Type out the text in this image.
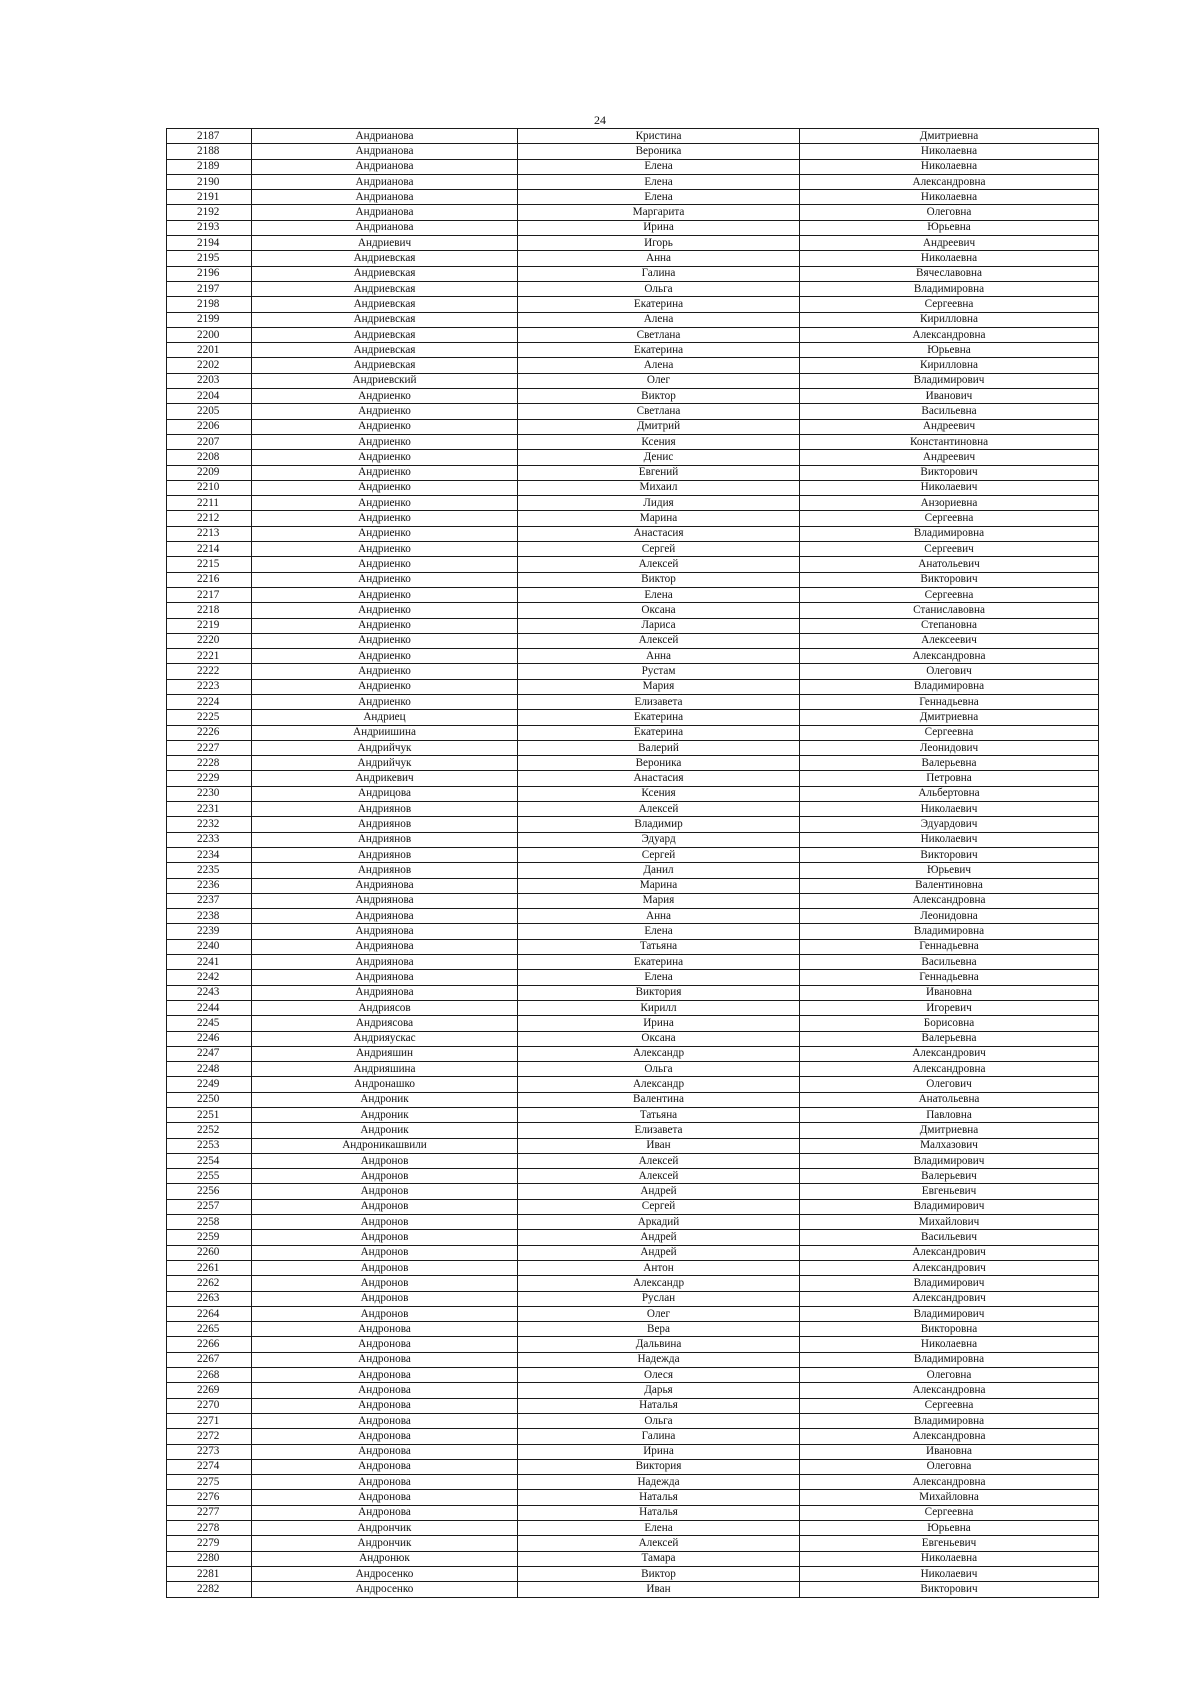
24
2187	Андрианова	Кристина	Дмитриевна
2188	Андрианова	Вероника	Николаевна
2189	Андрианова	Елена	Николаевна
2190	Андрианова	Елена	Александровна
2191	Андрианова	Елена	Николаевна
2192	Андрианова	Маргарита	Олеговна
2193	Андрианова	Ирина	Юрьевна
2194	Андриевич	Игорь	Андреевич
2195	Андриевская	Анна	Николаевна
2196	Андриевская	Галина	Вячеславовна
2197	Андриевская	Ольга	Владимировна
2198	Андриевская	Екатерина	Сергеевна
2199	Андриевская	Алена	Кирилловна
2200	Андриевская	Светлана	Александровна
2201	Андриевская	Екатерина	Юрьевна
2202	Андриевская	Алена	Кирилловна
2203	Андриевский	Олег	Владимирович
2204	Андриенко	Виктор	Иванович
2205	Андриенко	Светлана	Васильевна
2206	Андриенко	Дмитрий	Андреевич
2207	Андриенко	Ксения	Константиновна
2208	Андриенко	Денис	Андреевич
2209	Андриенко	Евгений	Викторович
2210	Андриенко	Михаил	Николаевич
2211	Андриенко	Лидия	Анзориевна
2212	Андриенко	Марина	Сергеевна
2213	Андриенко	Анастасия	Владимировна
2214	Андриенко	Сергей	Сергеевич
2215	Андриенко	Алексей	Анатольевич
2216	Андриенко	Виктор	Викторович
2217	Андриенко	Елена	Сергеевна
2218	Андриенко	Оксана	Станиславовна
2219	Андриенко	Лариса	Степановна
2220	Андриенко	Алексей	Алексеевич
2221	Андриенко	Анна	Александровна
2222	Андриенко	Рустам	Олегович
2223	Андриенко	Мария	Владимировна
2224	Андриенко	Елизавета	Геннадьевна
2225	Андриец	Екатерина	Дмитриевна
2226	Андриишина	Екатерина	Сергеевна
2227	Андрийчук	Валерий	Леонидович
2228	Андрийчук	Вероника	Валерьевна
2229	Андрикевич	Анастасия	Петровна
2230	Андрицова	Ксения	Альбертовна
2231	Андриянов	Алексей	Николаевич
2232	Андриянов	Владимир	Эдуардович
2233	Андриянов	Эдуард	Николаевич
2234	Андриянов	Сергей	Викторович
2235	Андриянов	Данил	Юрьевич
2236	Андриянова	Марина	Валентиновна
2237	Андриянова	Мария	Александровна
2238	Андриянова	Анна	Леонидовна
2239	Андриянова	Елена	Владимировна
2240	Андриянова	Татьяна	Геннадьевна
2241	Андриянова	Екатерина	Васильевна
2242	Андриянова	Елена	Геннадьевна
2243	Андриянова	Виктория	Ивановна
2244	Андриясов	Кирилл	Игоревич
2245	Андриясова	Ирина	Борисовна
2246	Андрияускас	Оксана	Валерьевна
2247	Андрияшин	Александр	Александрович
2248	Андрияшина	Ольга	Александровна
2249	Андронашко	Александр	Олегович
2250	Андроник	Валентина	Анатольевна
2251	Андроник	Татьяна	Павловна
2252	Андроник	Елизавета	Дмитриевна
2253	Андроникашвили	Иван	Малхазович
2254	Андронов	Алексей	Владимирович
2255	Андронов	Алексей	Валерьевич
2256	Андронов	Андрей	Евгеньевич
2257	Андронов	Сергей	Владимирович
2258	Андронов	Аркадий	Михайлович
2259	Андронов	Андрей	Васильевич
2260	Андронов	Андрей	Александрович
2261	Андронов	Антон	Александрович
2262	Андронов	Александр	Владимирович
2263	Андронов	Руслан	Александрович
2264	Андронов	Олег	Владимирович
2265	Андронова	Вера	Викторовна
2266	Андронова	Дальвина	Николаевна
2267	Андронова	Надежда	Владимировна
2268	Андронова	Олеся	Олеговна
2269	Андронова	Дарья	Александровна
2270	Андронова	Наталья	Сергеевна
2271	Андронова	Ольга	Владимировна
2272	Андронова	Галина	Александровна
2273	Андронова	Ирина	Ивановна
2274	Андронова	Виктория	Олеговна
2275	Андронова	Надежда	Александровна
2276	Андронова	Наталья	Михайловна
2277	Андронова	Наталья	Сергеевна
2278	Андрончик	Елена	Юрьевна
2279	Андрончик	Алексей	Евгеньевич
2280	Андронюк	Тамара	Николаевна
2281	Андросенко	Виктор	Николаевич
2282	Андросенко	Иван	Викторович
